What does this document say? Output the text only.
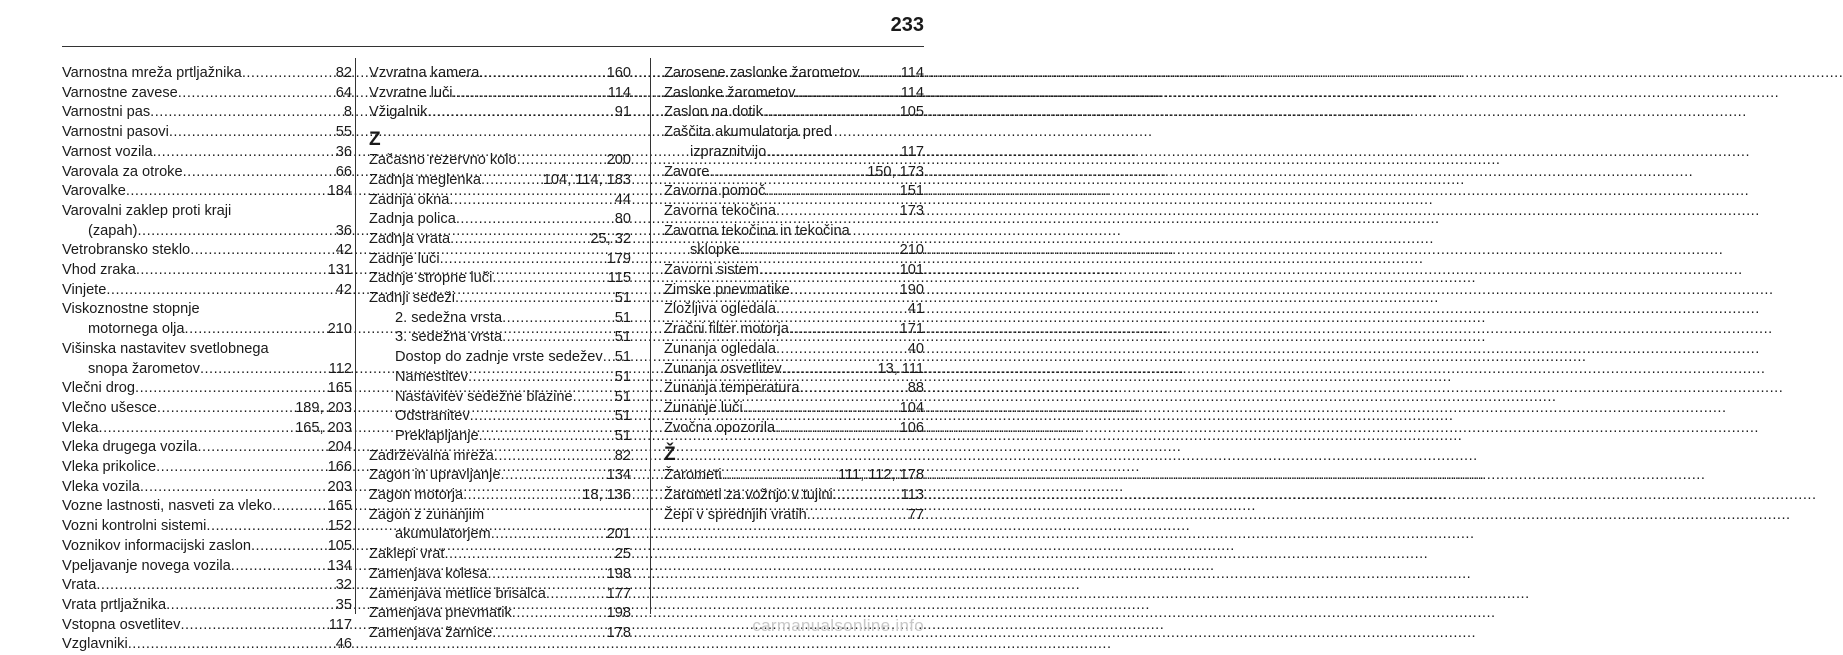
233
Varnostna mreža prtljažnika .....	82
Varnostne zavese .....	64
Varnostni pas .....	8
Varnostni pasovi .....	55
Varnost vozila .....	36
Varovala za otroke .....	66
Varovalke .....	184
Varovalni zaklep proti kraji
(zapah) .....	36
Vetrobransko steklo .....	42
Vhod zraka .....	131
Vinjete .....	42
Viskoznostne stopnje
motornega olja .....	210
Višinska nastavitev svetlobnega
snopa žarometov .....	112
Vlečni drog .....	165
Vlečno ušesce .....	189, 203
Vleka .....	165, 203
Vleka drugega vozila .....	204
Vleka prikolice .....	166
Vleka vozila .....	203
Vozne lastnosti, nasveti za vleko .....	165
Vozni kontrolni sistemi .....	152
Voznikov informacijski zaslon .....	105
Vpeljavanje novega vozila .....	134
Vrata .....	32
Vrata prtljažnika .....	35
Vstopna osvetlitev .....	117
Vzglavniki .....	46
Vzvratna kamera .....	160
Vzvratne luči .....	114
Vžigalnik .....	91
Z
Začasno rezervno kolo .....	200
Zadnja meglenka .....	104, 114, 183
Zadnja okna .....	44
Zadnja polica .....	80
Zadnja vrata .....	25, 32
Zadnje luči .....	179
Zadnje stropne luči .....	115
Zadnji sedeži .....	51
2. sedežna vrsta .....	51
3. sedežna vrsta .....	51
Dostop do zadnje vrste sedežev ..... 51
Namestitev .....	51
Nastavitev sedežne blazine .....	51
Odstranitev .....	51
Preklapljanje .....	51
Zadrževalna mreža .....	82
Zagon in upravljanje .....	134
Zagon motorja .....	18, 136
Zagon z zunanjim
akumulatorjem .....	201
Zaklepi vrat .....	25
Zamenjava kolesa .....	198
Zamenjava metlice brisalca .....	177
Zamenjava pnevmatik .....	198
Zamenjava žarnice .....	178
Zarosene zaslonke žarometov .....	114
Zaslonke žarometov .....	114
Zaslon na dotik .....	105
Zaščita akumulatorja pred
izpraznitvijo .....	117
Zavore .....	150, 173
Zavorna pomoč .....	151
Zavorna tekočina .....	173
Zavorna tekočina in tekočina
sklopke .....	210
Zavorni sistem .....	101
Zimske pnevmatike .....	190
Zložljiva ogledala .....	41
Zračni filter motorja .....	171
Zunanja ogledala .....	40
Zunanja osvetlitev .....	13, 111
Zunanja temperatura .....	88
Zunanje luči .....	104
Zvočna opozorila .....	106
Ž
Žarometi .....	111, 112, 178
Žarometi za vožnjo v tujini .....	113
Žepi v sprednjih vratih .....	77
carmanualsonline.info
